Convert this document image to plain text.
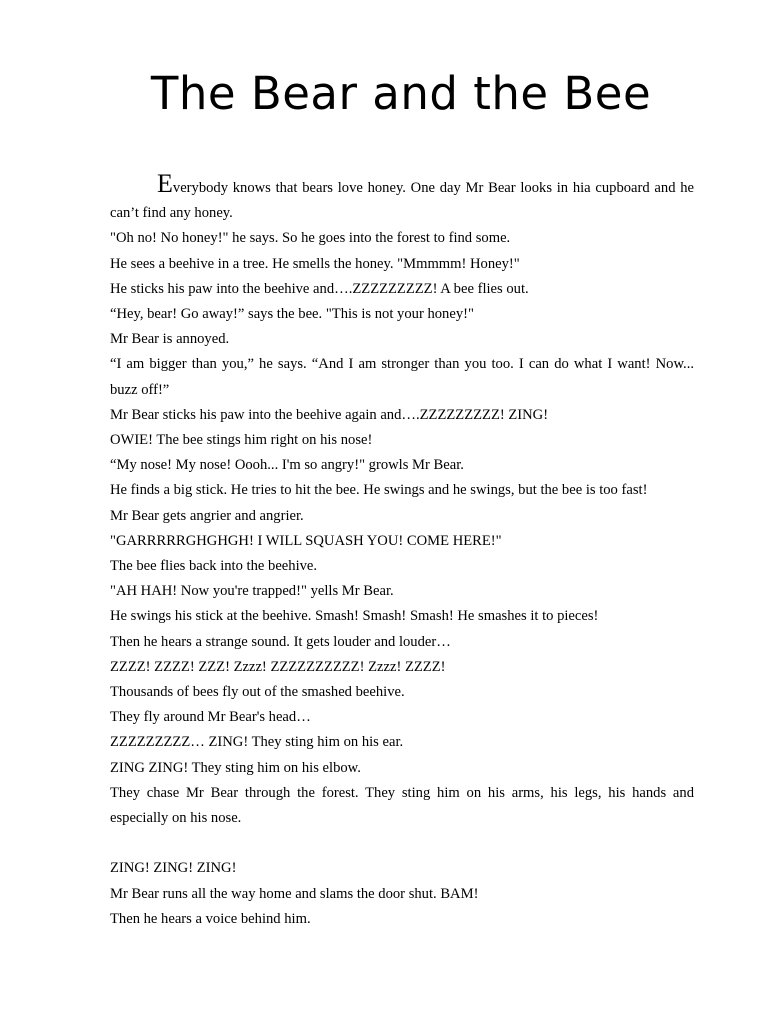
The Bear and the Bee

Everybody knows that bears love honey. One day Mr Bear looks in hia cupboard and he can’t find any honey.

"Oh no! No honey!" he says. So he goes into the forest to find some.

He sees a beehive in a tree. He smells the honey. "Mmmmm! Honey!"

He sticks his paw into the beehive and….ZZZZZZZZZ! A bee flies out.

“Hey, bear! Go away!” says the bee. "This is not your honey!"

Mr Bear is annoyed.

“I am bigger than you,” he says. “And I am stronger than you too. I can do what I want! Now... buzz off!”

Mr Bear sticks his paw into the beehive again and….ZZZZZZZZZ! ZING!

OWIE! The bee stings him right on his nose!

“My nose! My nose! Oooh... I'm so angry!" growls Mr Bear.

He finds a big stick. He tries to hit the bee. He swings and he swings, but the bee is too fast!

Mr Bear gets angrier and angrier.

"GARRRRRGHGHGH! I WILL SQUASH YOU! COME HERE!"

The bee flies back into the beehive.

"AH HAH! Now you're trapped!" yells Mr Bear.

He swings his stick at the beehive. Smash! Smash! Smash! He smashes it to pieces!

Then he hears a strange sound. It gets louder and louder…

ZZZZ! ZZZZ! ZZZ! Zzzz! ZZZZZZZZZZ! Zzzz! ZZZZ!

Thousands of bees fly out of the smashed beehive.

They fly around Mr Bear's head…

ZZZZZZZZZ… ZING! They sting him on his ear.

ZING ZING! They sting him on his elbow.

They chase Mr Bear through the forest. They sting him on his arms, his legs, his hands and especially on his nose.

ZING! ZING! ZING!

Mr Bear runs all the way home and slams the door shut. BAM!

Then he hears a voice behind him.
